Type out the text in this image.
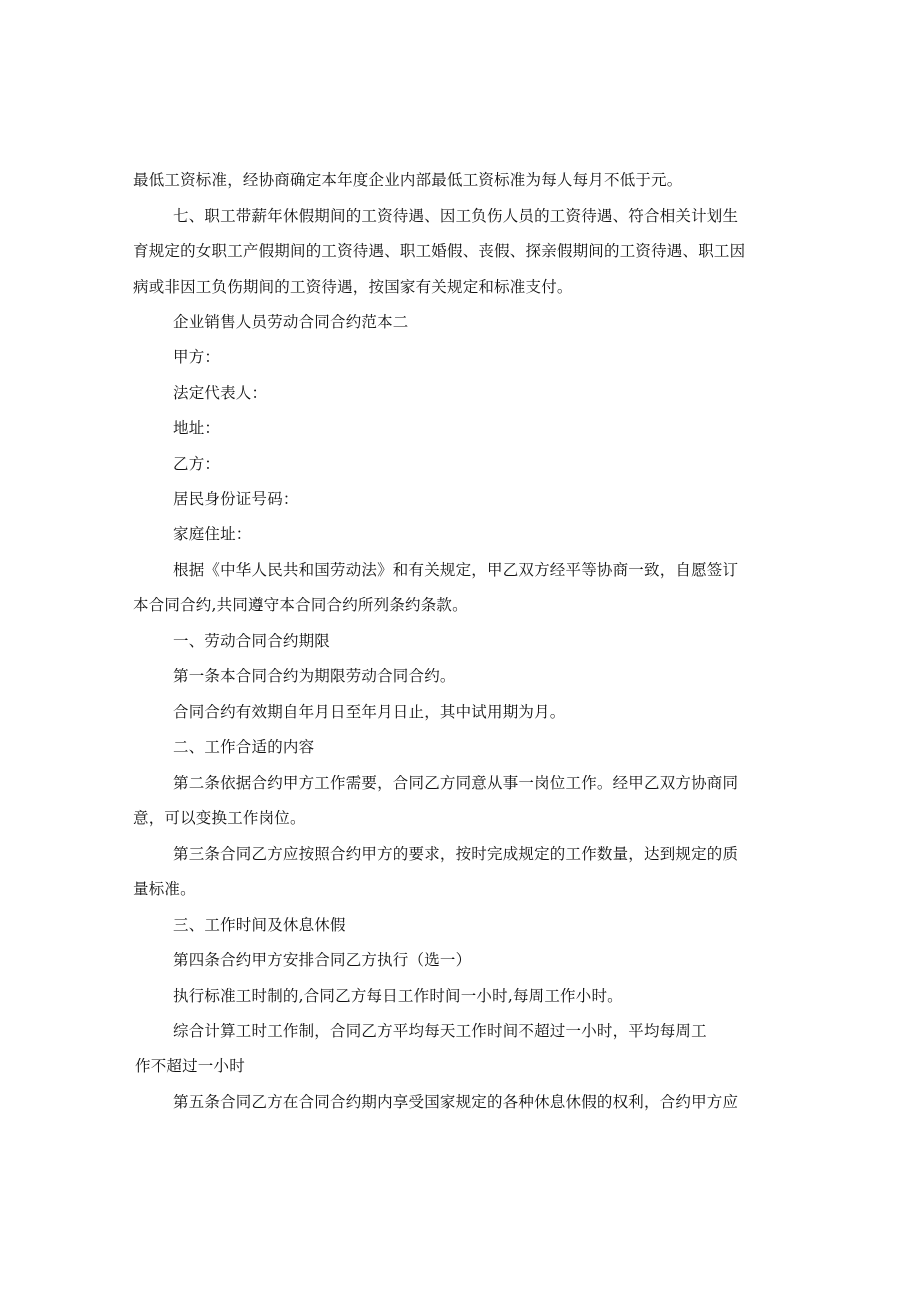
最低工资标准，经协商确定本年度企业内部最低工资标准为每人每月不低于元。

七、职工带薪年休假期间的工资待遇、因工负伤人员的工资待遇、符合相关计划生

育规定的女职工产假期间的工资待遇、职工婚假、丧假、探亲假期间的工资待遇、职工因

病或非因工负伤期间的工资待遇，按国家有关规定和标准支付。

企业销售人员劳动合同合约范本二

甲方：

法定代表人：

地址：

乙方：

居民身份证号码：

家庭住址：

根据《中华人民共和国劳动法》和有关规定，甲乙双方经平等协商一致，自愿签订

本合同合约,共同遵守本合同合约所列条约条款。

一、劳动合同合约期限

第一条本合同合约为期限劳动合同合约。

合同合约有效期自年月日至年月日止，其中试用期为月。

二、工作合适的内容

第二条依据合约甲方工作需要，合同乙方同意从事一岗位工作。经甲乙双方协商同

意，可以变换工作岗位。

第三条合同乙方应按照合约甲方的要求，按时完成规定的工作数量，达到规定的质

量标准。

三、工作时间及休息休假

第四条合约甲方安排合同乙方执行（选一）

执行标准工时制的,合同乙方每日工作时间一小时,每周工作小时。

综合计算工时工作制，合同乙方平均每天工作时间不超过一小时，平均每周工

作不超过一小时

第五条合同乙方在合同合约期内享受国家规定的各种休息休假的权利，合约甲方应
